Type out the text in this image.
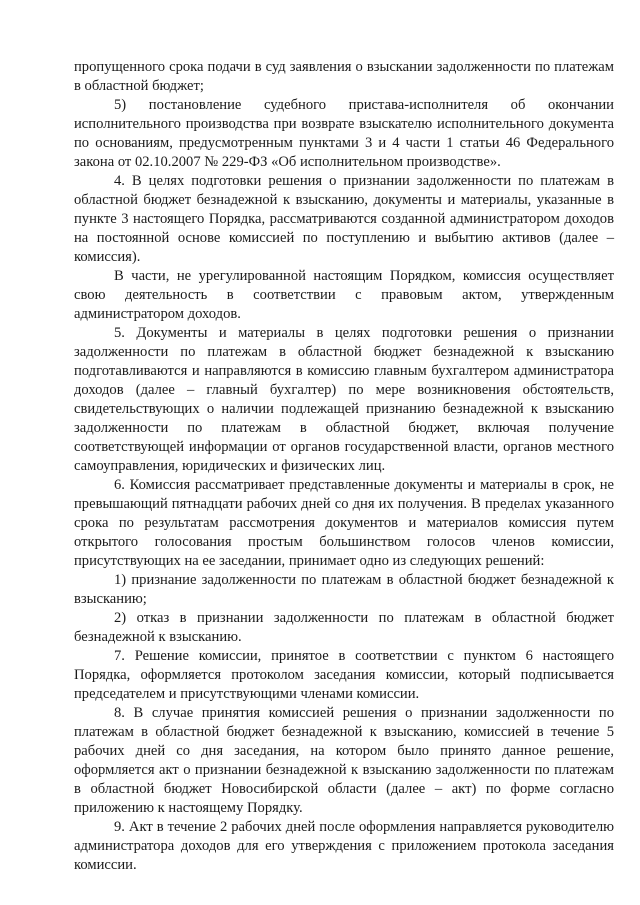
пропущенного срока подачи в суд заявления о взыскании задолженности по платежам в областной бюджет;

5) постановление судебного пристава-исполнителя об окончании исполнительного производства при возврате взыскателю исполнительного документа по основаниям, предусмотренным пунктами 3 и 4 части 1 статьи 46 Федерального закона от 02.10.2007 № 229-ФЗ «Об исполнительном производстве».

4. В целях подготовки решения о признании задолженности по платежам в областной бюджет безнадежной к взысканию, документы и материалы, указанные в пункте 3 настоящего Порядка, рассматриваются созданной администратором доходов на постоянной основе комиссией по поступлению и выбытию активов (далее – комиссия).

В части, не урегулированной настоящим Порядком, комиссия осуществляет свою деятельность в соответствии с правовым актом, утвержденным администратором доходов.

5. Документы и материалы в целях подготовки решения о признании задолженности по платежам в областной бюджет безнадежной к взысканию подготавливаются и направляются в комиссию главным бухгалтером администратора доходов (далее – главный бухгалтер) по мере возникновения обстоятельств, свидетельствующих о наличии подлежащей признанию безнадежной к взысканию задолженности по платежам в областной бюджет, включая получение соответствующей информации от органов государственной власти, органов местного самоуправления, юридических и физических лиц.

6. Комиссия рассматривает представленные документы и материалы в срок, не превышающий пятнадцати рабочих дней со дня их получения. В пределах указанного срока по результатам рассмотрения документов и материалов комиссия путем открытого голосования простым большинством голосов членов комиссии, присутствующих на ее заседании, принимает одно из следующих решений:

1) признание задолженности по платежам в областной бюджет безнадежной к взысканию;

2) отказ в признании задолженности по платежам в областной бюджет безнадежной к взысканию.

7. Решение комиссии, принятое в соответствии с пунктом 6 настоящего Порядка, оформляется протоколом заседания комиссии, который подписывается председателем и присутствующими членами комиссии.

8. В случае принятия комиссией решения о признании задолженности по платежам в областной бюджет безнадежной к взысканию, комиссией в течение 5 рабочих дней со дня заседания, на котором было принято данное решение, оформляется акт о признании безнадежной к взысканию задолженности по платежам в областной бюджет Новосибирской области (далее – акт) по форме согласно приложению к настоящему Порядку.

9. Акт в течение 2 рабочих дней после оформления направляется руководителю администратора доходов для его утверждения с приложением протокола заседания комиссии.
